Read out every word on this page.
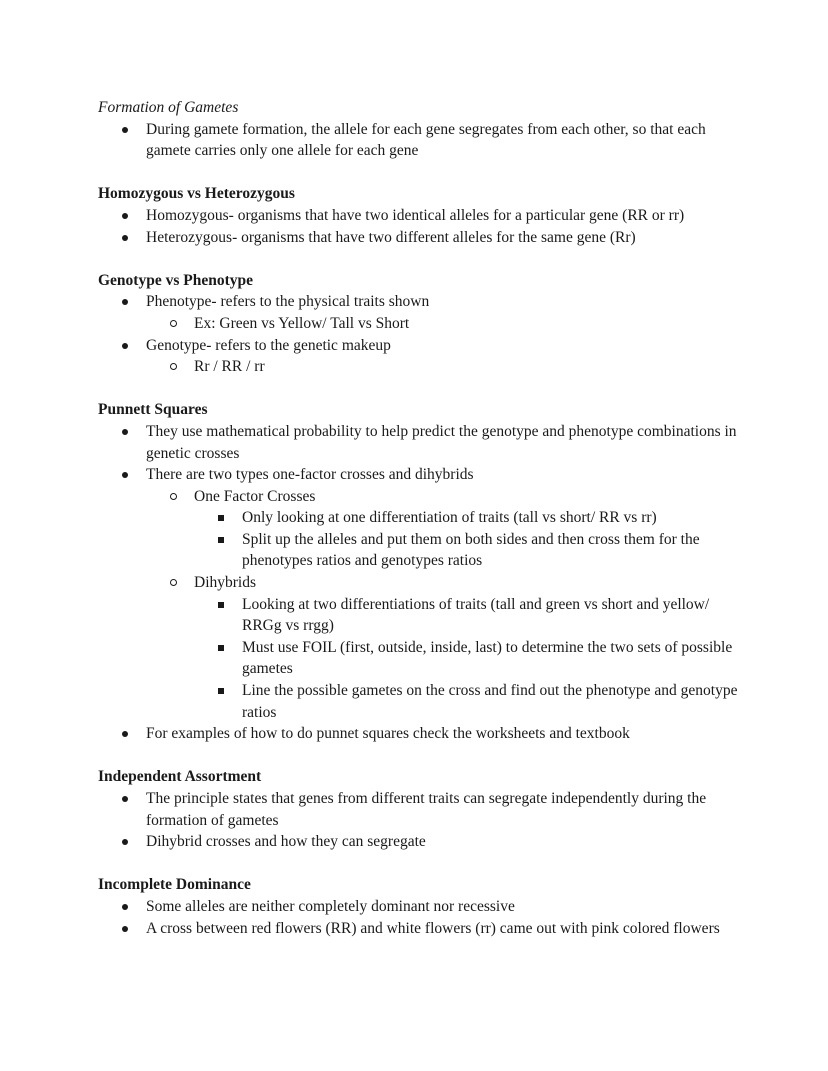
Formation of Gametes
During gamete formation, the allele for each gene segregates from each other, so that each gamete carries only one allele for each gene
Homozygous vs Heterozygous
Homozygous- organisms that have two identical alleles for a particular gene (RR or rr)
Heterozygous- organisms that have two different alleles for the same gene (Rr)
Genotype vs Phenotype
Phenotype- refers to the physical traits shown
Ex: Green vs Yellow/ Tall vs Short
Genotype- refers to the genetic makeup
Rr / RR / rr
Punnett Squares
They use mathematical probability to help predict the genotype and phenotype combinations in genetic crosses
There are two types one-factor crosses and dihybrids
One Factor Crosses
Only looking at one differentiation of traits (tall vs short/ RR vs rr)
Split up the alleles and put them on both sides and then cross them for the phenotypes ratios and genotypes ratios
Dihybrids
Looking at two differentiations of traits (tall and green vs short and yellow/ RRGg vs rrgg)
Must use FOIL (first, outside, inside, last) to determine the two sets of possible gametes
Line the possible gametes on the cross and find out the phenotype and genotype ratios
For examples of how to do punnet squares check the worksheets and textbook
Independent Assortment
The principle states that genes from different traits can segregate independently during the formation of gametes
Dihybrid crosses and how they can segregate
Incomplete Dominance
Some alleles are neither completely dominant nor recessive
A cross between red flowers (RR) and white flowers (rr) came out with pink colored flowers
